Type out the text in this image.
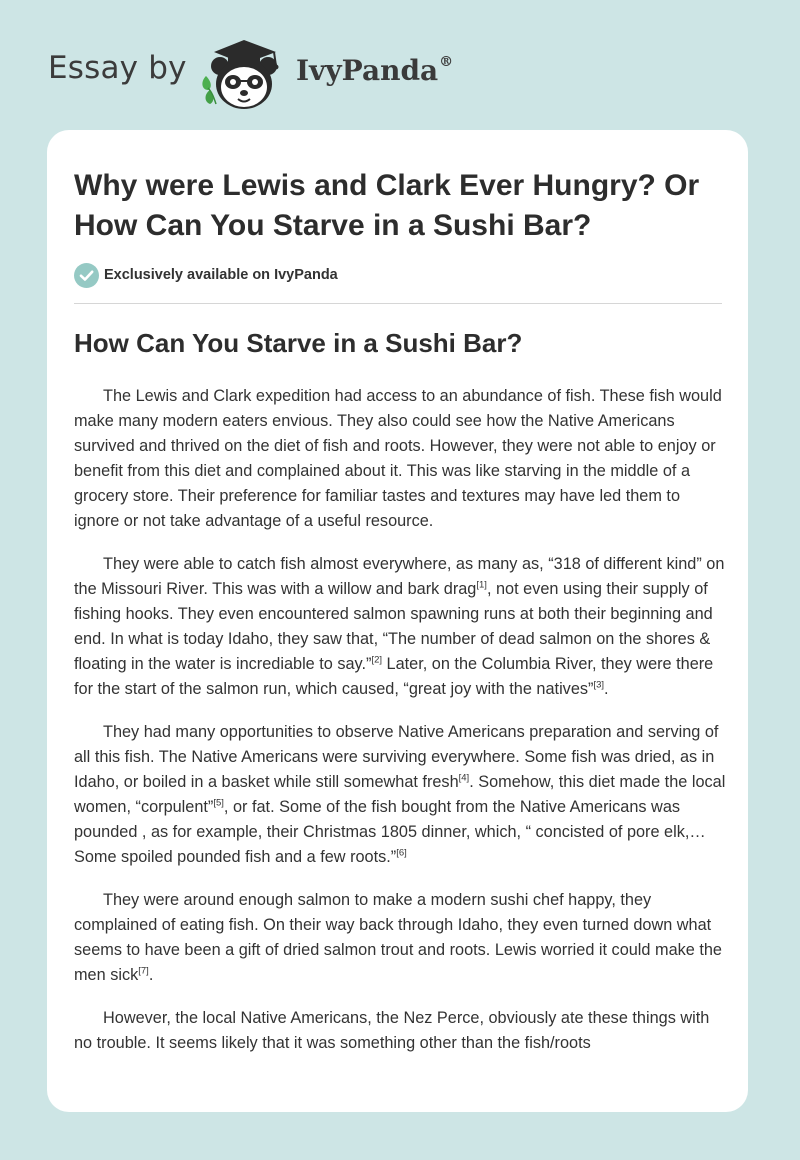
Essay by	IvyPanda®
Why were Lewis and Clark Ever Hungry? Or How Can You Starve in a Sushi Bar?
Exclusively available on IvyPanda
How Can You Starve in a Sushi Bar?

The Lewis and Clark expedition had access to an abundance of fish. These fish would make many modern eaters envious. They also could see how the Native Americans survived and thrived on the diet of fish and roots. However, they were not able to enjoy or benefit from this diet and complained about it. This was like starving in the middle of a grocery store. Their preference for familiar tastes and textures may have led them to ignore or not take advantage of a useful resource.

They were able to catch fish almost everywhere, as many as, “318 of different kind” on the Missouri River. This was with a willow and bark drag[1], not even using their supply of fishing hooks. They even encountered salmon spawning runs at both their beginning and end. In what is today Idaho, they saw that, “The number of dead salmon on the shores & floating in the water is incrediable to say.”[2] Later, on the Columbia River, they were there for the start of the salmon run, which caused, “great joy with the natives”[3].

They had many opportunities to observe Native Americans preparation and serving of all this fish. The Native Americans were surviving everywhere. Some fish was dried, as in Idaho, or boiled in a basket while still somewhat fresh[4]. Somehow, this diet made the local women, “corpulent”[5], or fat. Some of the fish bought from the Native Americans was pounded , as for example, their Christmas 1805 dinner, which, “ concisted of pore elk,…Some spoiled pounded fish and a few roots.”[6]

They were around enough salmon to make a modern sushi chef happy, they complained of eating fish. On their way back through Idaho, they even turned down what seems to have been a gift of dried salmon trout and roots. Lewis worried it could make the men sick[7].

However, the local Native Americans, the Nez Perce, obviously ate these things with no trouble. It seems likely that it was something other than the fish/roots
